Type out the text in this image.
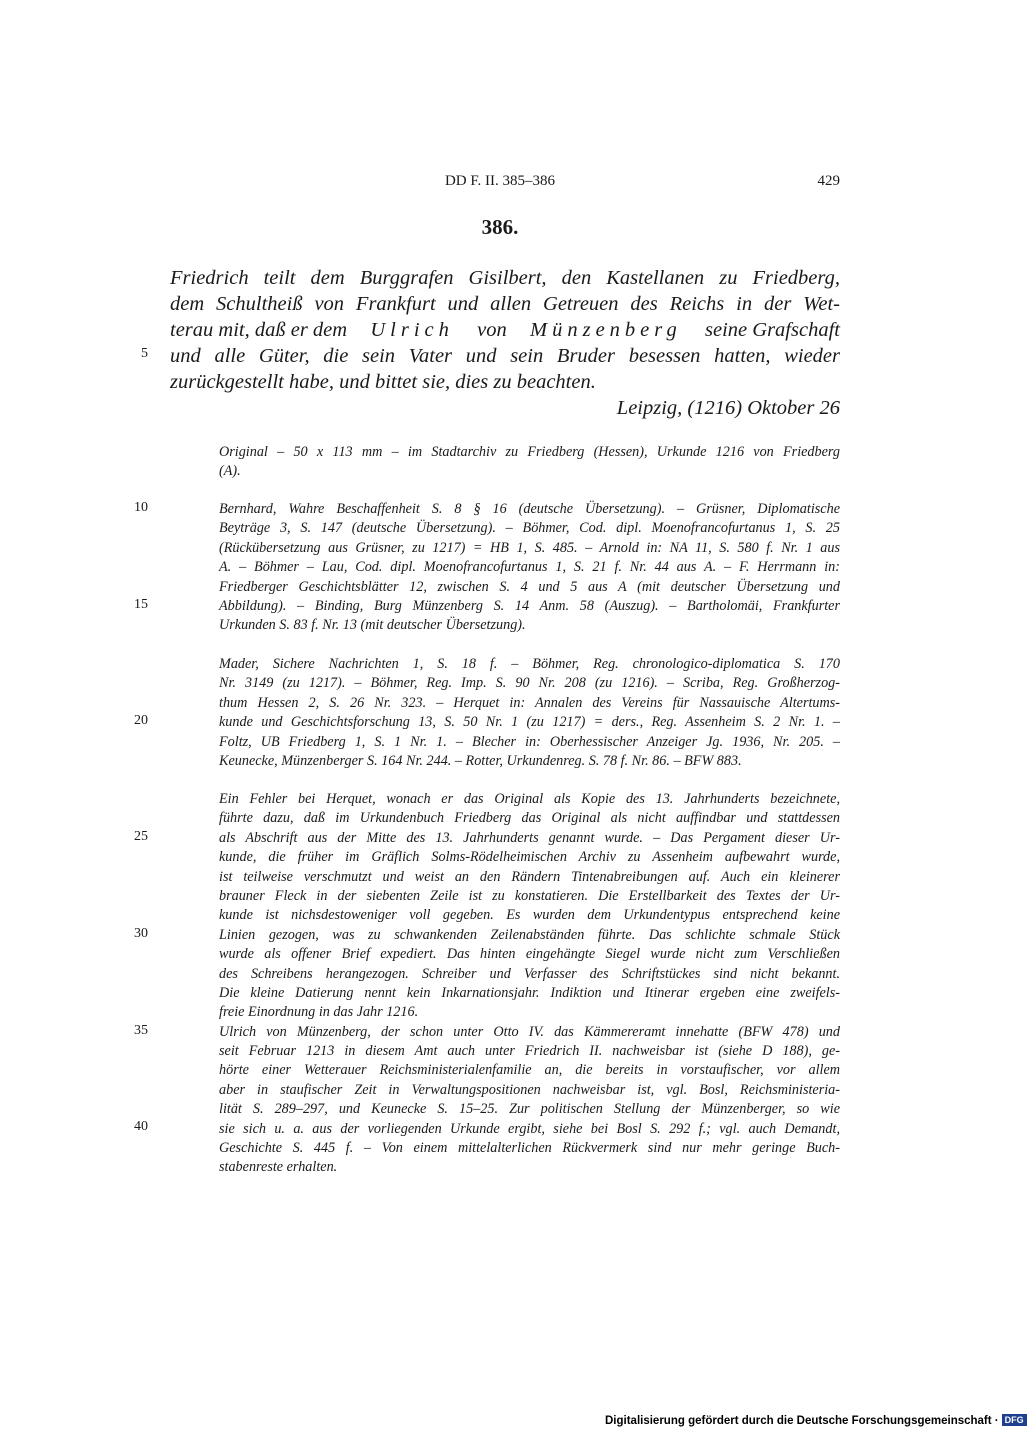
DD F. II. 385–386	429
386.
Friedrich teilt dem Burggrafen Gisilbert, den Kastellanen zu Friedberg,
dem Schultheiß von Frankfurt und allen Getreuen des Reichs in der Wet-
terau mit, daß er dem Ulrich von Münzenberg seine Grafschaft
und alle Güter, die sein Vater und sein Bruder besessen hatten, wieder
zurückgestellt habe, und bittet sie, dies zu beachten.
Leipzig, (1216) Oktober 26
5
10
15
20
25
30
35
40
Original – 50 x 113 mm – im Stadtarchiv zu Friedberg (Hessen), Urkunde 1216 von Friedberg
(A).
Bernhard, Wahre Beschaffenheit S. 8 § 16 (deutsche Übersetzung). – Grüsner, Diplomatische
Beyträge 3, S. 147 (deutsche Übersetzung). – Böhmer, Cod. dipl. Moenofrancofurtanus 1, S. 25
(Rückübersetzung aus Grüsner, zu 1217) = HB 1, S. 485. – Arnold in: NA 11, S. 580 f. Nr. 1 aus
A. – Böhmer – Lau, Cod. dipl. Moenofrancofurtanus 1, S. 21 f. Nr. 44 aus A. – F. Herrmann in:
Friedberger Geschichtsblätter 12, zwischen S. 4 und 5 aus A (mit deutscher Übersetzung und
Abbildung). – Binding, Burg Münzenberg S. 14 Anm. 58 (Auszug). – Bartholomäi, Frankfurter
Urkunden S. 83 f. Nr. 13 (mit deutscher Übersetzung).
Mader, Sichere Nachrichten 1, S. 18 f. – Böhmer, Reg. chronologico-diplomatica S. 170
Nr. 3149 (zu 1217). – Böhmer, Reg. Imp. S. 90 Nr. 208 (zu 1216). – Scriba, Reg. Großherzog-
thum Hessen 2, S. 26 Nr. 323. – Herquet in: Annalen des Vereins für Nassauische Altertums-
kunde und Geschichtsforschung 13, S. 50 Nr. 1 (zu 1217) = ders., Reg. Assenheim S. 2 Nr. 1. –
Foltz, UB Friedberg 1, S. 1 Nr. 1. – Blecher in: Oberhessischer Anzeiger Jg. 1936, Nr. 205. –
Keunecke, Münzenberger S. 164 Nr. 244. – Rotter, Urkundenreg. S. 78 f. Nr. 86. – BFW 883.
Ein Fehler bei Herquet, wonach er das Original als Kopie des 13. Jahrhunderts bezeichnete,
führte dazu, daß im Urkundenbuch Friedberg das Original als nicht auffindbar und stattdessen
als Abschrift aus der Mitte des 13. Jahrhunderts genannt wurde. – Das Pergament dieser Ur-
kunde, die früher im Gräflich Solms-Rödelheimischen Archiv zu Assenheim aufbewahrt wurde,
ist teilweise verschmutzt und weist an den Rändern Tintenabreibungen auf. Auch ein kleinerer
brauner Fleck in der siebenten Zeile ist zu konstatieren. Die Erstellbarkeit des Textes der Ur-
kunde ist nichsdestoweniger voll gegeben. Es wurden dem Urkundentypus entsprechend keine
Linien gezogen, was zu schwankenden Zeilenabständen führte. Das schlichte schmale Stück
wurde als offener Brief expediert. Das hinten eingehängte Siegel wurde nicht zum Verschließen
des Schreibens herangezogen. Schreiber und Verfasser des Schriftstückes sind nicht bekannt.
Die kleine Datierung nennt kein Inkarnationsjahr. Indiktion und Itinerar ergeben eine zweifels-
freie Einordnung in das Jahr 1216.
Ulrich von Münzenberg, der schon unter Otto IV. das Kämmereramt innehatte (BFW 478) und
seit Februar 1213 in diesem Amt auch unter Friedrich II. nachweisbar ist (siehe D 188), ge-
hörte einer Wetterauer Reichsministerialenfamilie an, die bereits in vorstaufischer, vor allem
aber in staufischer Zeit in Verwaltungspositionen nachweisbar ist, vgl. Bosl, Reichsministeria-
lität S. 289–297, und Keunecke S. 15–25. Zur politischen Stellung der Münzenberger, so wie
sie sich u. a. aus der vorliegenden Urkunde ergibt, siehe bei Bosl S. 292 f.; vgl. auch Demandt,
Geschichte S. 445 f. – Von einem mittelalterlichen Rückvermerk sind nur mehr geringe Buch-
stabenreste erhalten.
Digitalisierung gefördert durch die Deutsche Forschungsgemeinschaft · DFG
